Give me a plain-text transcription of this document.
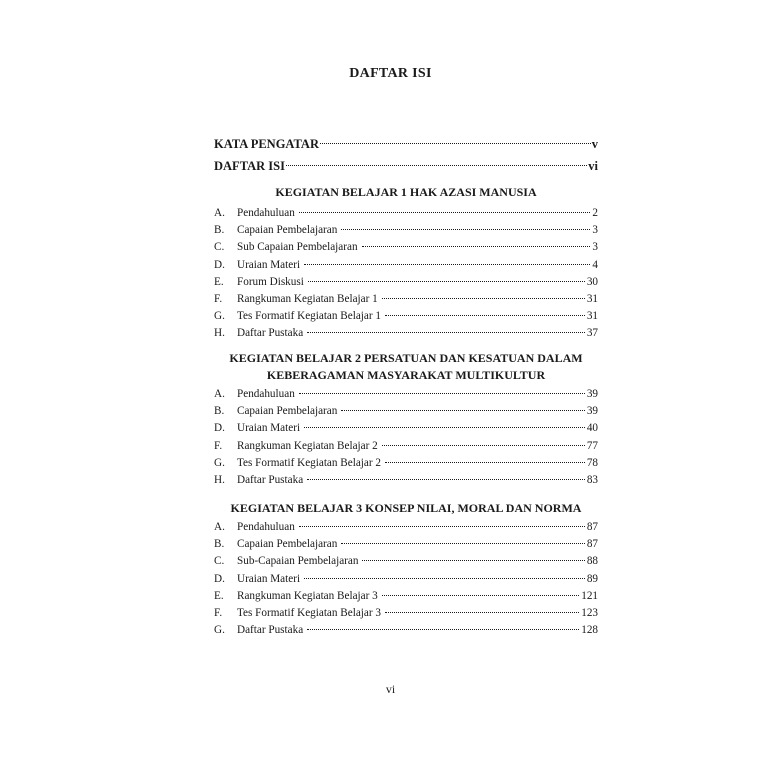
DAFTAR ISI
KATA PENGATAR	v
DAFTAR ISI	vi
KEGIATAN BELAJAR 1 HAK AZASI MANUSIA
A.	Pendahuluan	2
B.	Capaian Pembelajaran	3
C.	Sub Capaian Pembelajaran	3
D.	Uraian Materi	4
E.	Forum Diskusi	30
F.	Rangkuman Kegiatan Belajar 1	31
G.	Tes Formatif Kegiatan Belajar 1	31
H.	Daftar Pustaka	37
KEGIATAN BELAJAR 2 PERSATUAN DAN KESATUAN DALAM
KEBERAGAMAN MASYARAKAT MULTIKULTUR
A.	Pendahuluan	39
B.	Capaian Pembelajaran	39
D.	Uraian Materi	40
F.	Rangkuman Kegiatan Belajar 2	77
G.	Tes Formatif Kegiatan Belajar 2	78
H.	Daftar Pustaka	83
KEGIATAN BELAJAR 3 KONSEP NILAI, MORAL DAN NORMA
A.	Pendahuluan	87
B.	Capaian Pembelajaran	87
C.	Sub-Capaian Pembelajaran	88
D.	Uraian Materi	89
E.	Rangkuman Kegiatan Belajar 3	121
F.	Tes Formatif Kegiatan Belajar 3	123
G.	Daftar Pustaka	128
vi
